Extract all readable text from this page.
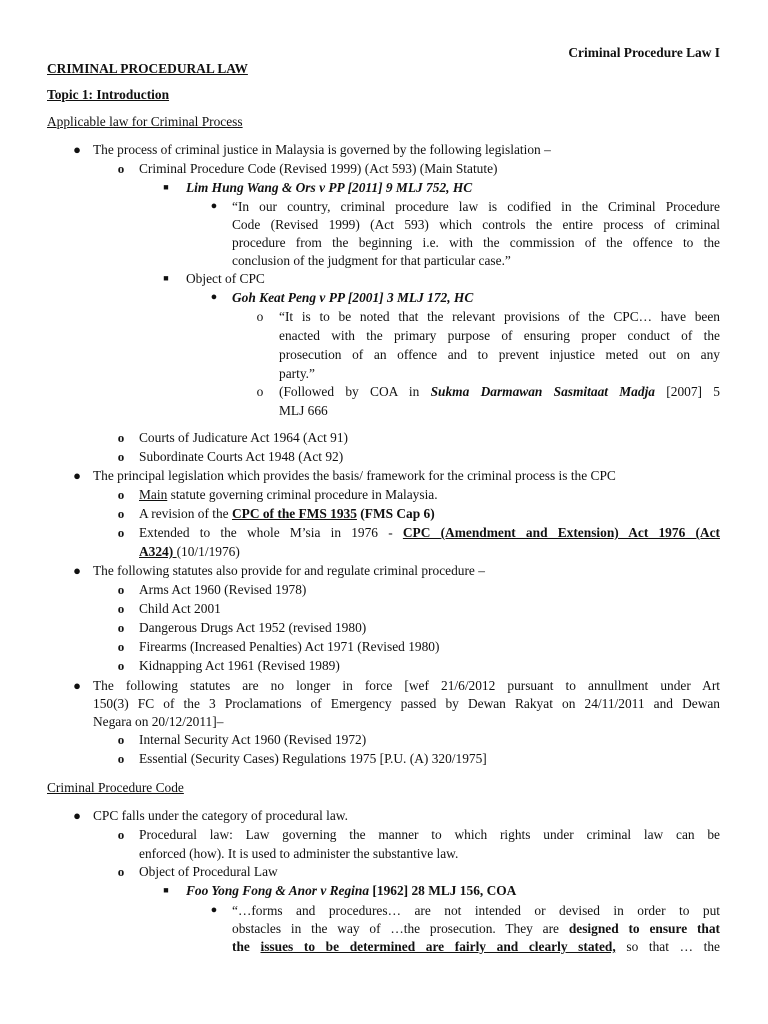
Criminal Procedure Law I
CRIMINAL PROCEDURAL LAW
Topic 1: Introduction
Applicable law for Criminal Process
● The process of criminal justice in Malaysia is governed by the following legislation –
o Criminal Procedure Code (Revised 1999) (Act 593) (Main Statute)
■	Lim Hung Wang & Ors v PP [2011] 9 MLJ 752, HC
● “In our country, criminal procedure law is codified in the Criminal Procedure
Code (Revised 1999) (Act 593) which controls the entire process of criminal
procedure from the beginning i.e. with the commission of the offence to the
conclusion of the judgment for that particular case.”
■	Object of CPC
● Goh Keat Peng v PP [2001] 3 MLJ 172, HC
o “It is to be noted that the relevant provisions of the CPC… have been
enacted with the primary purpose of ensuring proper conduct of the
prosecution of an offence and to prevent injustice meted out on any
party.”
o (Followed by COA in Sukma Darmawan Sasmitaat Madja [2007] 5
MLJ 666
o Courts of Judicature Act 1964 (Act 91)
o Subordinate Courts Act 1948 (Act 92)
● The principal legislation which provides the basis/ framework for the criminal process is the CPC
o Main statute governing criminal procedure in Malaysia.
o A revision of the CPC of the FMS 1935 (FMS Cap 6)
o Extended to the whole M’sia in 1976 - CPC (Amendment and Extension) Act 1976 (Act
A324) (10/1/1976)
● The following statutes also provide for and regulate criminal procedure –
o Arms Act 1960 (Revised 1978)
o Child Act 2001
o Dangerous Drugs Act 1952 (revised 1980)
o Firearms (Increased Penalties) Act 1971 (Revised 1980)
o Kidnapping Act 1961 (Revised 1989)
● The following statutes are no longer in force [wef 21/6/2012 pursuant to annullment under Art
150(3) FC of the 3 Proclamations of Emergency passed by Dewan Rakyat on 24/11/2011 and Dewan
Negara on 20/12/2011]–
o Internal Security Act 1960 (Revised 1972)
o Essential (Security Cases) Regulations 1975 [P.U. (A) 320/1975]
Criminal Procedure Code
● CPC falls under the category of procedural law.
o Procedural law: Law governing the manner to which rights under criminal law can be
enforced (how). It is used to administer the substantive law.
o Object of Procedural Law
■	Foo Yong Fong & Anor v Regina [1962] 28 MLJ 156, COA
● “…forms and procedures… are not intended or devised in order to put
obstacles in the way of …the prosecution. They are designed to ensure that
the issues to be determined are fairly and clearly stated, so that … the
